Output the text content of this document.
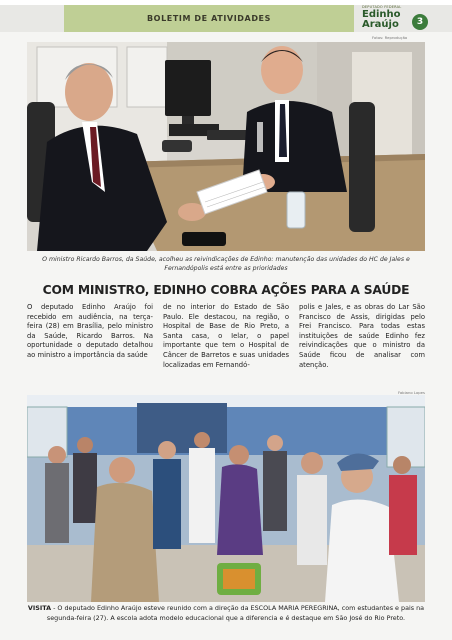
BOLETIM DE ATIVIDADES
DEPUTADO FEDERAL
Edinho
Araújo	3
Fotos: Reprodução
O ministro Ricardo Barros, da Saúde, acolheu as reivindicações de Edinho: manutenção das unidades do HC de Jales e Fernandópolis está entre as prioridades
COM MINISTRO, EDINHO COBRA AÇÕES PARA A SAÚDE
O deputado Edinho Araújo foi recebido em audiência, na terça-feira (28) em Brasília, pelo ministro da Saúde, Ricardo Barros. Na oportunidade o deputado detalhou ao ministro a importância da saúde
de no interior do Estado de São Paulo. Ele destacou, na região, o Hospital de Base de Rio Preto, a Santa casa, o Ielar, o papel importante que tem o Hospital de Câncer de Barretos e suas unidades localizadas em Fernandó-
polis e Jales, e as obras do Lar São Francisco de Assis, dirigidas pelo Frei Francisco. Para todas estas instituições de saúde Edinho fez reivindicações que o ministro da Saúde ficou de analisar com atenção.
Fabiano Lopes
VISITA - O deputado Edinho Araújo esteve reunido com a direção da ESCOLA MARIA PEREGRINA, com estudantes e pais na segunda-feira (27). A escola adota modelo educacional que a diferencia e é destaque em São José do Rio Preto.
